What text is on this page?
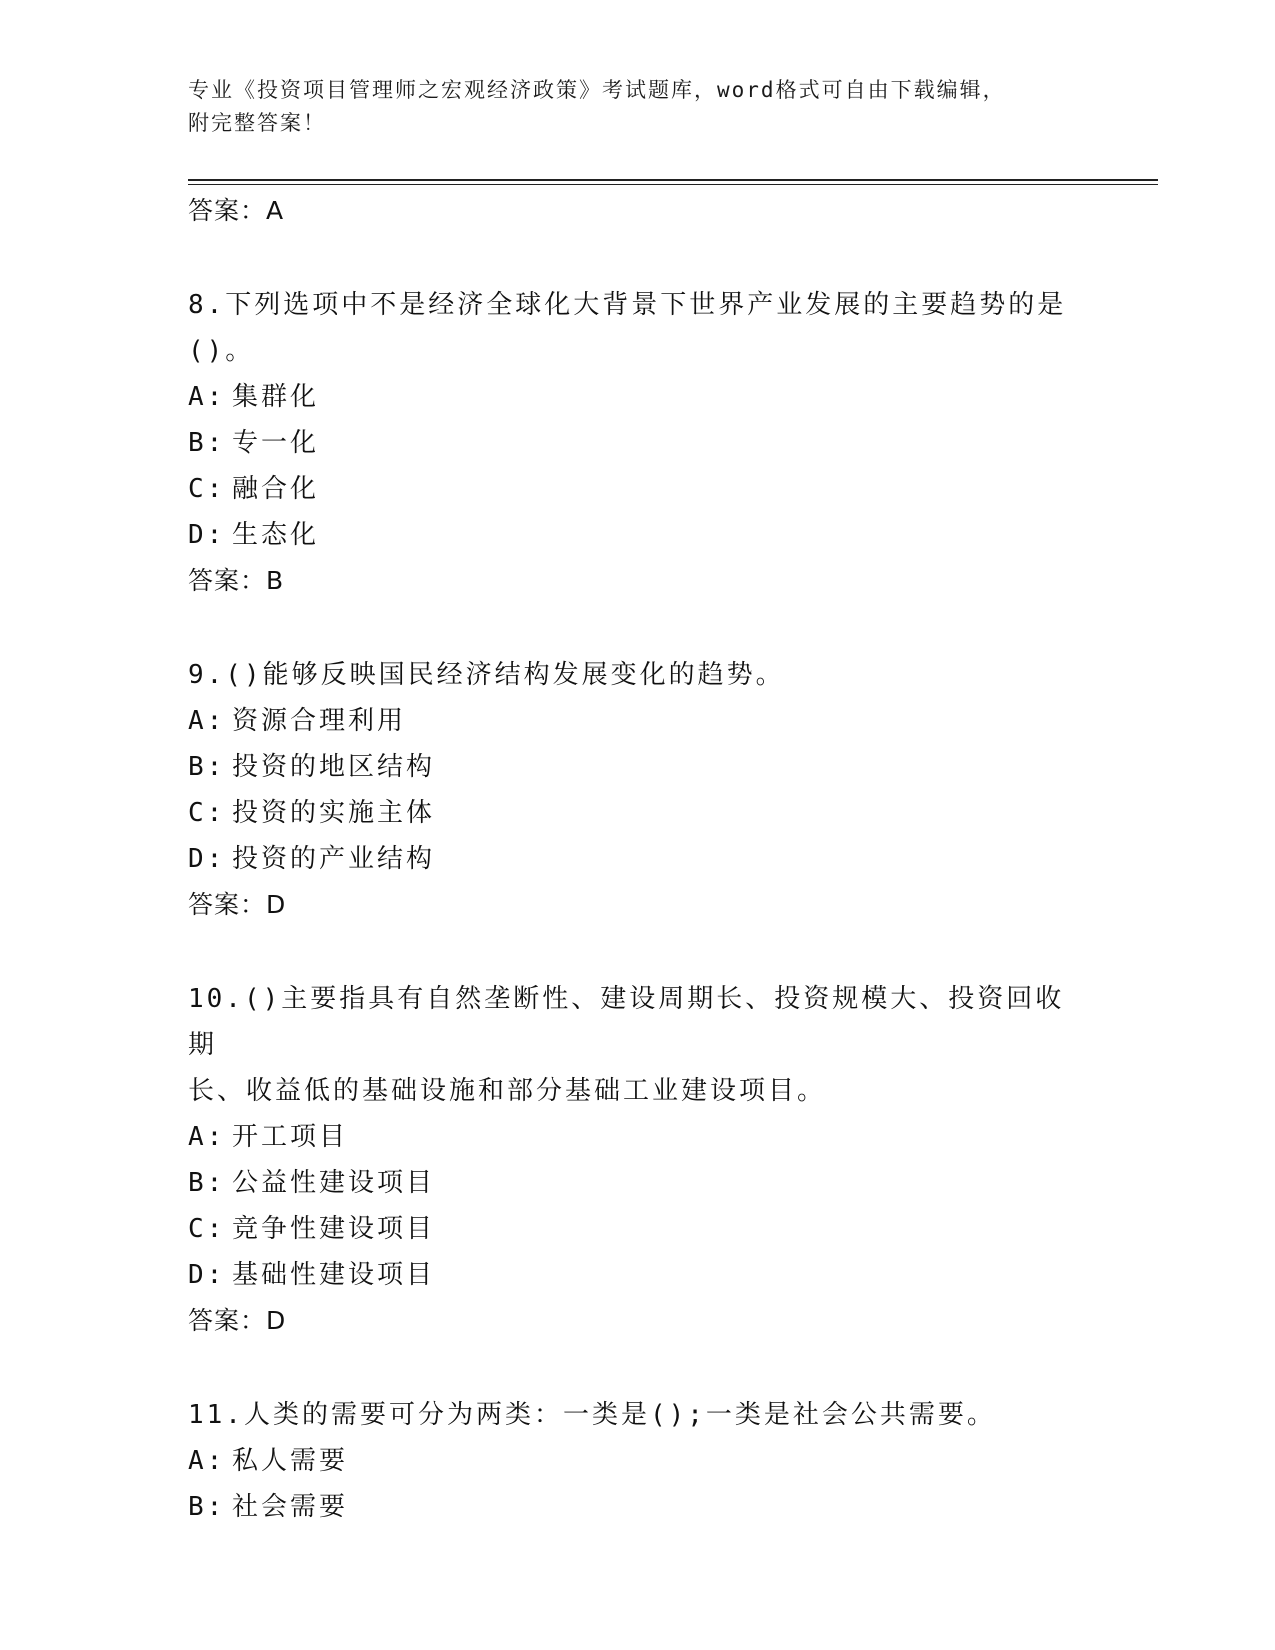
专业《投资项目管理师之宏观经济政策》考试题库，word格式可自由下载编辑，
附完整答案！
答案：A
8.下列选项中不是经济全球化大背景下世界产业发展的主要趋势的是
()。
A: 集群化
B: 专一化
C: 融合化
D: 生态化
答案：B
9.()能够反映国民经济结构发展变化的趋势。
A: 资源合理利用
B: 投资的地区结构
C: 投资的实施主体
D: 投资的产业结构
答案：D
10.()主要指具有自然垄断性、建设周期长、投资规模大、投资回收期
长、收益低的基础设施和部分基础工业建设项目。
A: 开工项目
B: 公益性建设项目
C: 竞争性建设项目
D: 基础性建设项目
答案：D
11.人类的需要可分为两类：一类是();一类是社会公共需要。
A: 私人需要
B: 社会需要
